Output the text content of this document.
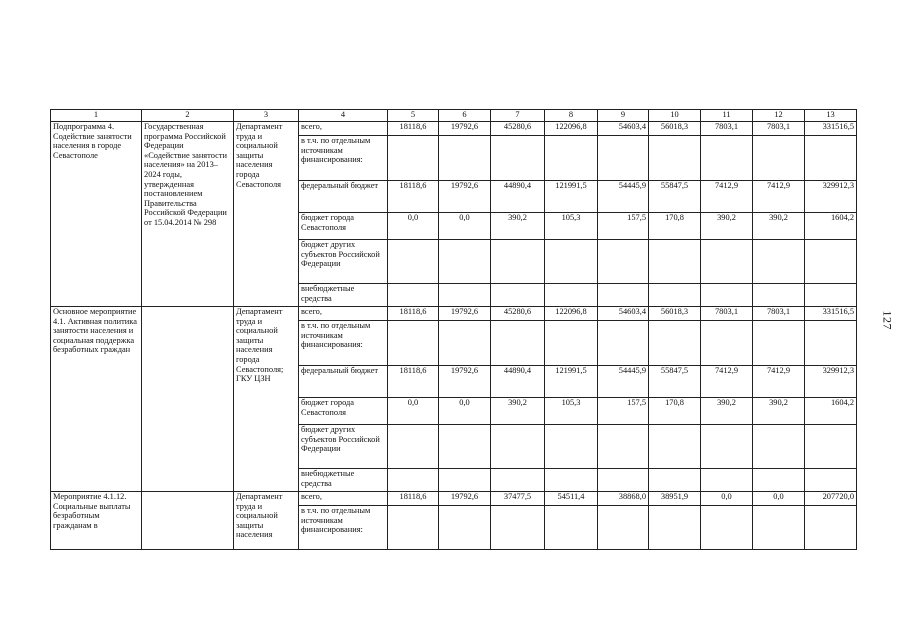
127
1	2	3	4	5	6	7	8	9	10	11	12	13
Подпрограмма 4. Содействие занятости населения в городе Севастополе	Государственная программа Российской Федерации «Содействие занятости населения» на 2013–2024 годы, утвержденная постановлением Правительства Российской Федерации от 15.04.2014 № 298	Департамент труда и социальной защиты населения города Севастополя	всего,	18118,6	19792,6	45280,6	122096,8	54603,4	56018,3	7803,1	7803,1	331516,5
			в т.ч. по отдельным источникам финансирования:									
			федеральный бюджет	18118,6	19792,6	44890,4	121991,5	54445,9	55847,5	7412,9	7412,9	329912,3
			бюджет города Севастополя	0,0	0,0	390,2	105,3	157,5	170,8	390,2	390,2	1604,2
			бюджет других субъектов Российской Федерации									
			внебюджетные средства									
Основное мероприятие 4.1. Активная политика занятости населения и социальная поддержка безработных граждан		Департамент труда и социальной защиты населения города Севастополя; ГКУ ЦЗН	всего,	18118,6	19792,6	45280,6	122096,8	54603,4	56018,3	7803,1	7803,1	331516,5
			в т.ч. по отдельным источникам финансирования:									
			федеральный бюджет	18118,6	19792,6	44890,4	121991,5	54445,9	55847,5	7412,9	7412,9	329912,3
			бюджет города Севастополя	0,0	0,0	390,2	105,3	157,5	170,8	390,2	390,2	1604,2
			бюджет других субъектов Российской Федерации									
			внебюджетные средства									
Мероприятие 4.1.12. Социальные выплаты безработным гражданам в		Департамент труда и социальной защиты населения	всего,	18118,6	19792,6	37477,5	54511,4	38868,0	38951,9	0,0	0,0	207720,0
			в т.ч. по отдельным источникам финансирования:									
